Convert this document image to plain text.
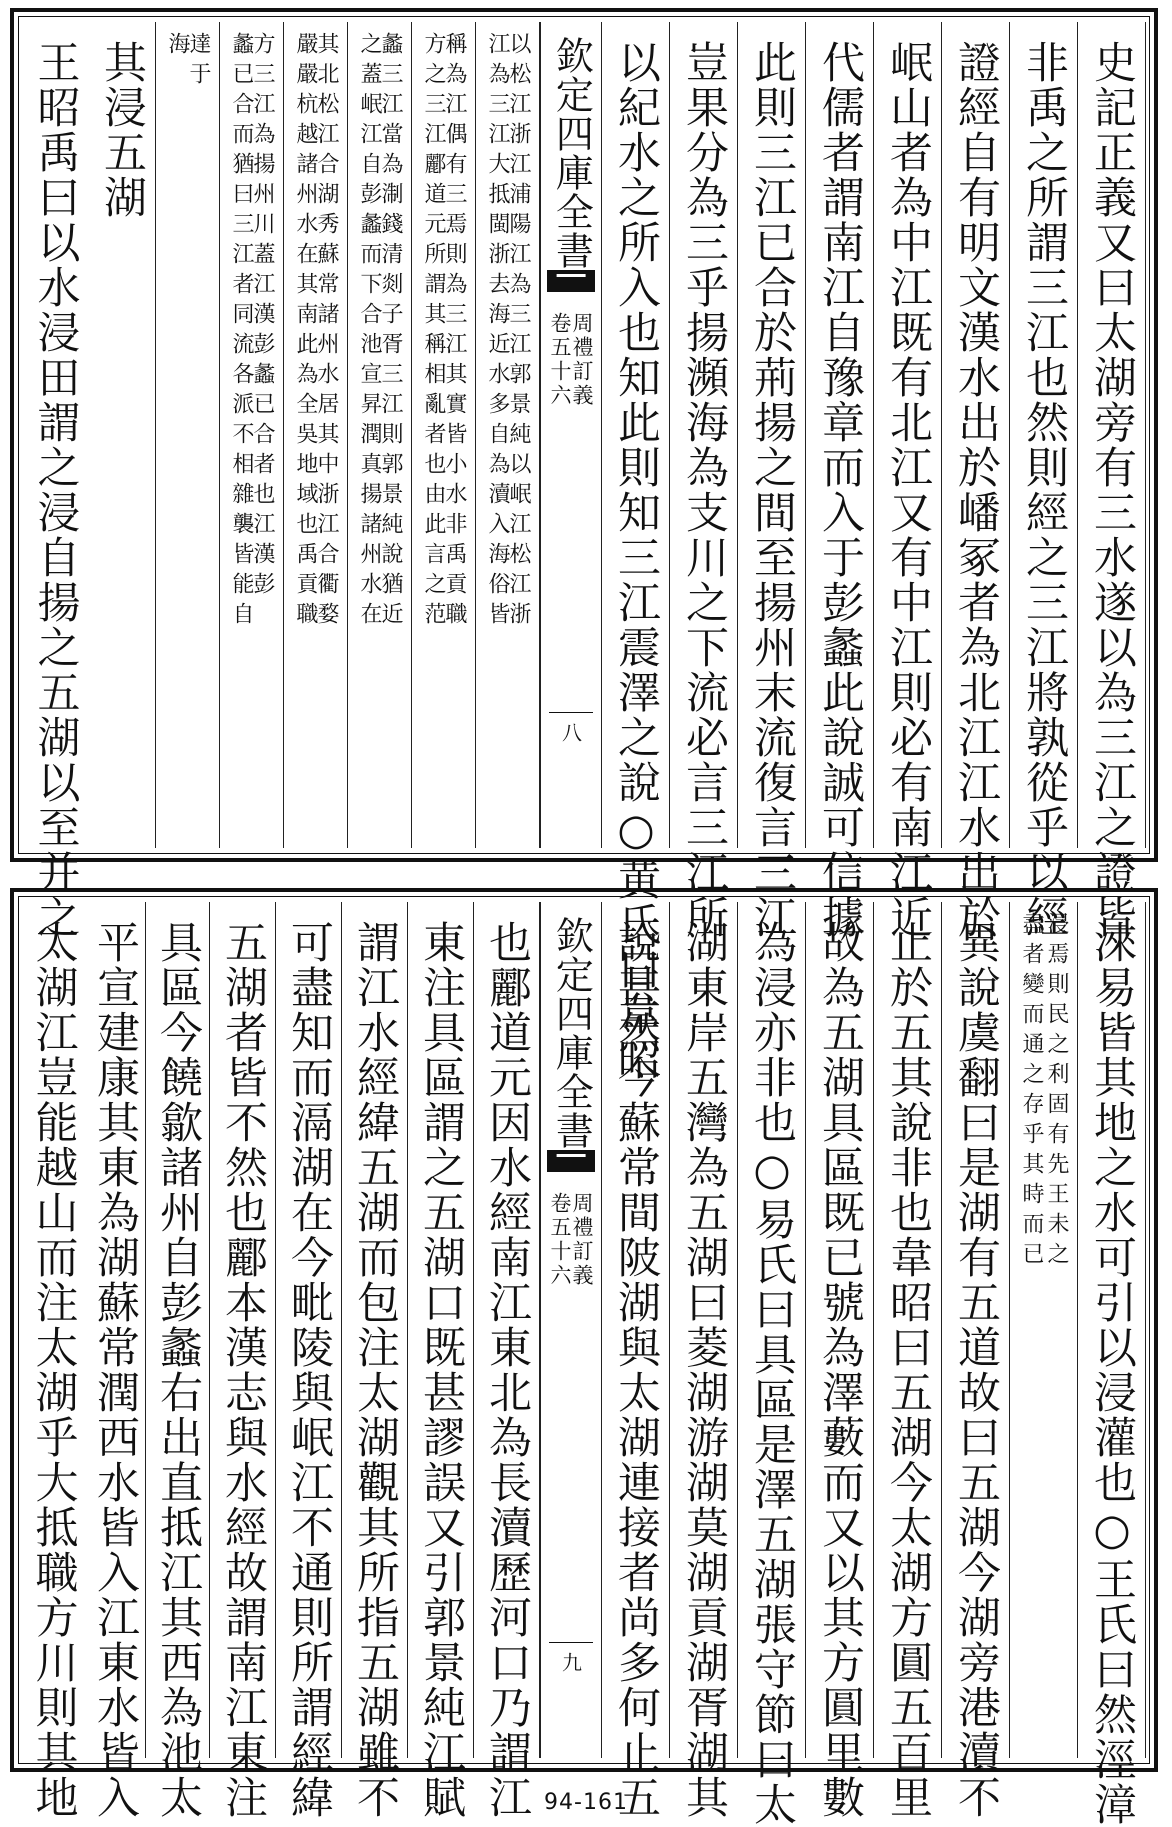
史記正義又曰太湖旁有三水遂以為三江之證皆
非禹之所謂三江也然則經之三江將孰從乎以經
證經自有明文漢水出於嶓冢者為北江江水出於
岷山者為中江既有北江又有中江則必有南江近
代儒者謂南江自豫章而入于彭蠡此說誠可信據
此則三江已合於荊揚之間至揚州末流復言三江
豈果分為三乎揚瀕海為支川之下流必言三江所
以紀水之所入也知此則知三江震澤之說○黄氏曰韋昭
欽定四庫全書
周禮訂義
卷五十六
八
以松江浙江浦陽江為三江郭景純以岷江松江浙
江為三江大抵閩浙去海近水多自為瀆入海俗皆
稱為江偶有三焉則為三江其實皆小水非禹貢職
方之三江酈道元所謂其稱相亂者也由此言之范
蠡三江當為淛錢清剡子胥三江則郭景純說猶近
之蓋岷江自彭蠡而下合池宣昇潤真揚諸州水在
其北松江合湖秀蘇常諸州水居其中浙江合衢婺
嚴嚴杭越諸州水在其南此為全吳地域也禹貢職
方三江為揚州川蓋江漢彭蠡已合者也江漢彭
蠡已合而猶曰三江者同流各派不相雜襲皆能自
達于
海
其浸五湖
王昭禹曰以水浸田謂之浸自揚之五湖以至并之
淶易皆其地之水可引以浸灌也○王氏曰然涇漳
浸焉則民之利固有先王未之
盡者變而通之存乎其時而已
異說虞翻曰是湖有五道故曰五湖今湖旁港瀆不
止於五其說非也韋昭曰五湖今太湖方圓五百里
故為五湖具區既已號為澤藪而又以其方圓里數
為浸亦非也○易氏曰具區是澤五湖張守節曰太
湖東岸五灣為五湖曰菱湖游湖莫湖貢湖胥湖其
說甚然今蘇常間陂湖與太湖連接者尚多何止五
欽定四庫全書
周禮訂義
卷五十六
九
也酈道元因水經南江東北為長瀆歷河口乃謂江
東注具區謂之五湖口既甚謬誤又引郭景純江賦
謂江水經緯五湖而包注太湖觀其所指五湖雖不
可盡知而滆湖在今毗陵與岷江不通則所謂經緯
五湖者皆不然也酈本漢志與水經故謂南江東注
具區今饒歙諸州自彭蠡右出直抵江其西為池太
平宣建康其東為湖蘇常潤西水皆入江東水皆入
太湖江豈能越山而注太湖乎大抵職方川則其地	94-161
